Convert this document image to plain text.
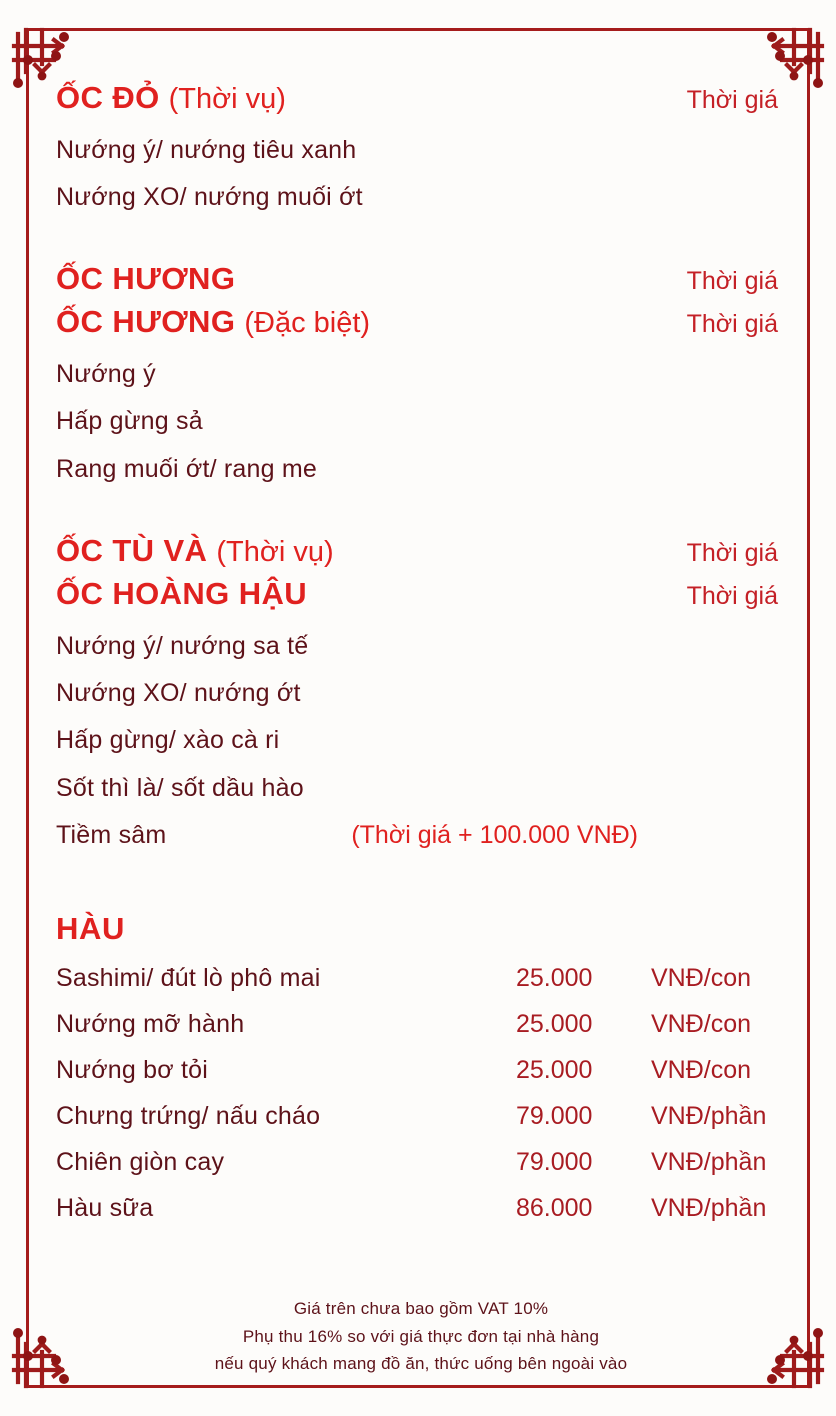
ỐC ĐỎ (Thời vụ)	Thời giá
Nướng ý/ nướng tiêu xanh
Nướng XO/ nướng muối ớt
ỐC HƯƠNG	Thời giá
ỐC HƯƠNG (Đặc biệt)	Thời giá
Nướng ý
Hấp gừng sả
Rang muối ớt/ rang me
ỐC TÙ VÀ (Thời vụ)	Thời giá
ỐC HOÀNG HẬU	Thời giá
Nướng ý/ nướng sa tế
Nướng XO/ nướng ớt
Hấp gừng/ xào cà ri
Sốt thì là/ sốt dầu hào
Tiềm sâm	(Thời giá + 100.000 VNĐ)
HÀU
Sashimi/ đút lò phô mai	25.000	VNĐ/con
Nướng mỡ hành	25.000	VNĐ/con
Nướng bơ tỏi	25.000	VNĐ/con
Chưng trứng/ nấu cháo	79.000	VNĐ/phần
Chiên giòn cay	79.000	VNĐ/phần
Hàu sữa	86.000	VNĐ/phần
Giá trên chưa bao gồm VAT 10%
Phụ thu 16% so với giá thực đơn tại nhà hàng
nếu quý khách mang đồ ăn, thức uống bên ngoài vào
